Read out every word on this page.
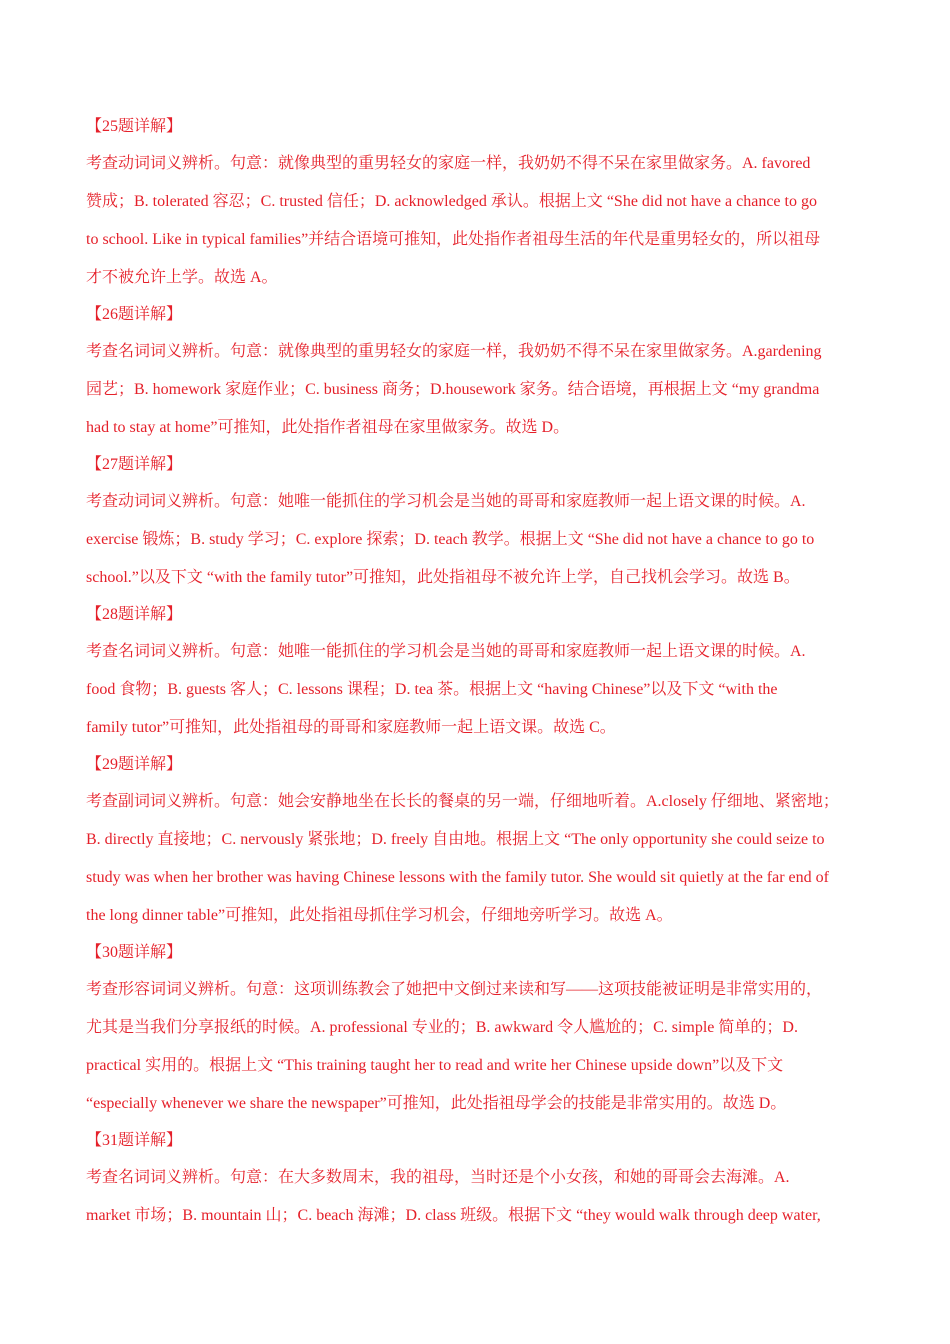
【25题详解】
考查动词词义辨析。句意：就像典型的重男轻女的家庭一样，我奶奶不得不呆在家里做家务。A. favored
赞成；B. tolerated 容忍；C. trusted 信任；D. acknowledged 承认。根据上文 “She did not have a chance to go
to school. Like in typical families”并结合语境可推知，此处指作者祖母生活的年代是重男轻女的，所以祖母
才不被允许上学。故选 A。
【26题详解】
考查名词词义辨析。句意：就像典型的重男轻女的家庭一样，我奶奶不得不呆在家里做家务。A.gardening
园艺；B. homework 家庭作业；C. business 商务；D.housework 家务。结合语境，再根据上文 “my grandma
had to stay at home”可推知，此处指作者祖母在家里做家务。故选 D。
【27题详解】
考查动词词义辨析。句意：她唯一能抓住的学习机会是当她的哥哥和家庭教师一起上语文课的时候。A.
exercise 锻炼；B. study 学习；C. explore 探索；D. teach 教学。根据上文 “She did not have a chance to go to
school.”以及下文 “with the family tutor”可推知，此处指祖母不被允许上学，自己找机会学习。故选 B。
【28题详解】
考查名词词义辨析。句意：她唯一能抓住的学习机会是当她的哥哥和家庭教师一起上语文课的时候。A.
food 食物；B. guests 客人；C. lessons 课程；D. tea 茶。根据上文 “having Chinese”以及下文 “with the
family tutor”可推知，此处指祖母的哥哥和家庭教师一起上语文课。故选 C。
【29题详解】
考查副词词义辨析。句意：她会安静地坐在长长的餐桌的另一端，仔细地听着。A.closely 仔细地、紧密地；
B. directly 直接地；C. nervously 紧张地；D. freely 自由地。根据上文 “The only opportunity she could seize to
study was when her brother was having Chinese lessons with the family tutor. She would sit quietly at the far end of
the long dinner table”可推知，此处指祖母抓住学习机会，仔细地旁听学习。故选 A。
【30题详解】
考查形容词词义辨析。句意：这项训练教会了她把中文倒过来读和写——这项技能被证明是非常实用的，
尤其是当我们分享报纸的时候。A. professional 专业的；B. awkward 令人尴尬的；C. simple 简单的；D.
practical 实用的。根据上文 “This training taught her to read and write her Chinese upside down”以及下文
“especially whenever we share the newspaper”可推知，此处指祖母学会的技能是非常实用的。故选 D。
【31题详解】
考查名词词义辨析。句意：在大多数周末，我的祖母，当时还是个小女孩，和她的哥哥会去海滩。A.
market 市场；B. mountain 山；C. beach 海滩；D. class 班级。根据下文 “they would walk through deep water,
